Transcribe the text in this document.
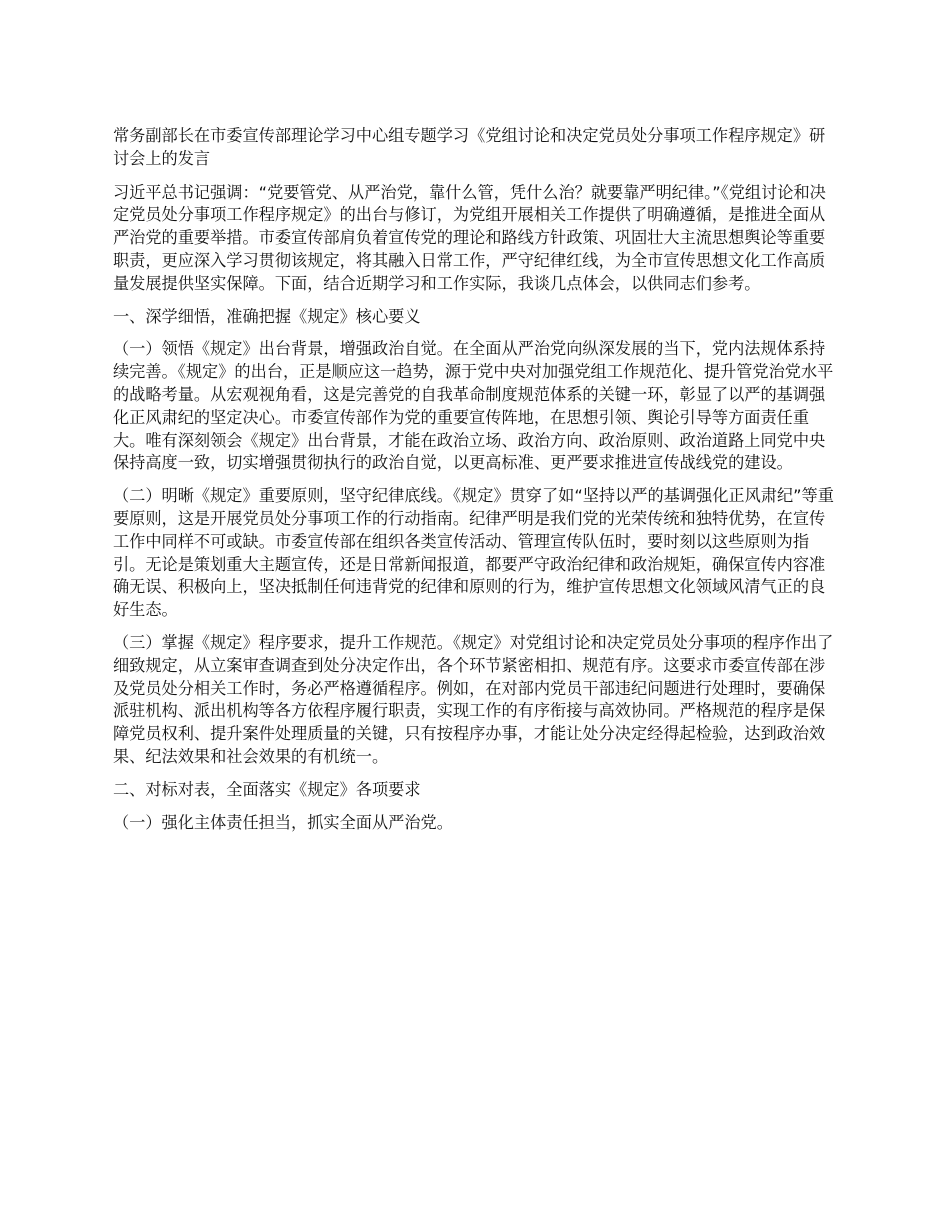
常务副部长在市委宣传部理论学习中心组专题学习《党组讨论和决定党员处分事项工作程序规定》研讨会上的发言

习近平总书记强调：“党要管党、从严治党，靠什么管，凭什么治？就要靠严明纪律。”《党组讨论和决定党员处分事项工作程序规定》的出台与修订，为党组开展相关工作提供了明确遵循，是推进全面从严治党的重要举措。市委宣传部肩负着宣传党的理论和路线方针政策、巩固壮大主流思想舆论等重要职责，更应深入学习贯彻该规定，将其融入日常工作，严守纪律红线，为全市宣传思想文化工作高质量发展提供坚实保障。下面，结合近期学习和工作实际，我谈几点体会，以供同志们参考。

一、深学细悟，准确把握《规定》核心要义

（一）领悟《规定》出台背景，增强政治自觉。在全面从严治党向纵深发展的当下，党内法规体系持续完善。《规定》的出台，正是顺应这一趋势，源于党中央对加强党组工作规范化、提升管党治党水平的战略考量。从宏观视角看，这是完善党的自我革命制度规范体系的关键一环，彰显了以严的基调强化正风肃纪的坚定决心。市委宣传部作为党的重要宣传阵地，在思想引领、舆论引导等方面责任重大。唯有深刻领会《规定》出台背景，才能在政治立场、政治方向、政治原则、政治道路上同党中央保持高度一致，切实增强贯彻执行的政治自觉，以更高标准、更严要求推进宣传战线党的建设。

（二）明晰《规定》重要原则，坚守纪律底线。《规定》贯穿了如“坚持以严的基调强化正风肃纪”等重要原则，这是开展党员处分事项工作的行动指南。纪律严明是我们党的光荣传统和独特优势，在宣传工作中同样不可或缺。市委宣传部在组织各类宣传活动、管理宣传队伍时，要时刻以这些原则为指引。无论是策划重大主题宣传，还是日常新闻报道，都要严守政治纪律和政治规矩，确保宣传内容准确无误、积极向上，坚决抵制任何违背党的纪律和原则的行为，维护宣传思想文化领域风清气正的良好生态。

（三）掌握《规定》程序要求，提升工作规范。《规定》对党组讨论和决定党员处分事项的程序作出了细致规定，从立案审查调查到处分决定作出，各个环节紧密相扣、规范有序。这要求市委宣传部在涉及党员处分相关工作时，务必严格遵循程序。例如，在对部内党员干部违纪问题进行处理时，要确保派驻机构、派出机构等各方依程序履行职责，实现工作的有序衔接与高效协同。严格规范的程序是保障党员权利、提升案件处理质量的关键，只有按程序办事，才能让处分决定经得起检验，达到政治效果、纪法效果和社会效果的有机统一。

二、对标对表，全面落实《规定》各项要求

（一）强化主体责任担当，抓实全面从严治党。
